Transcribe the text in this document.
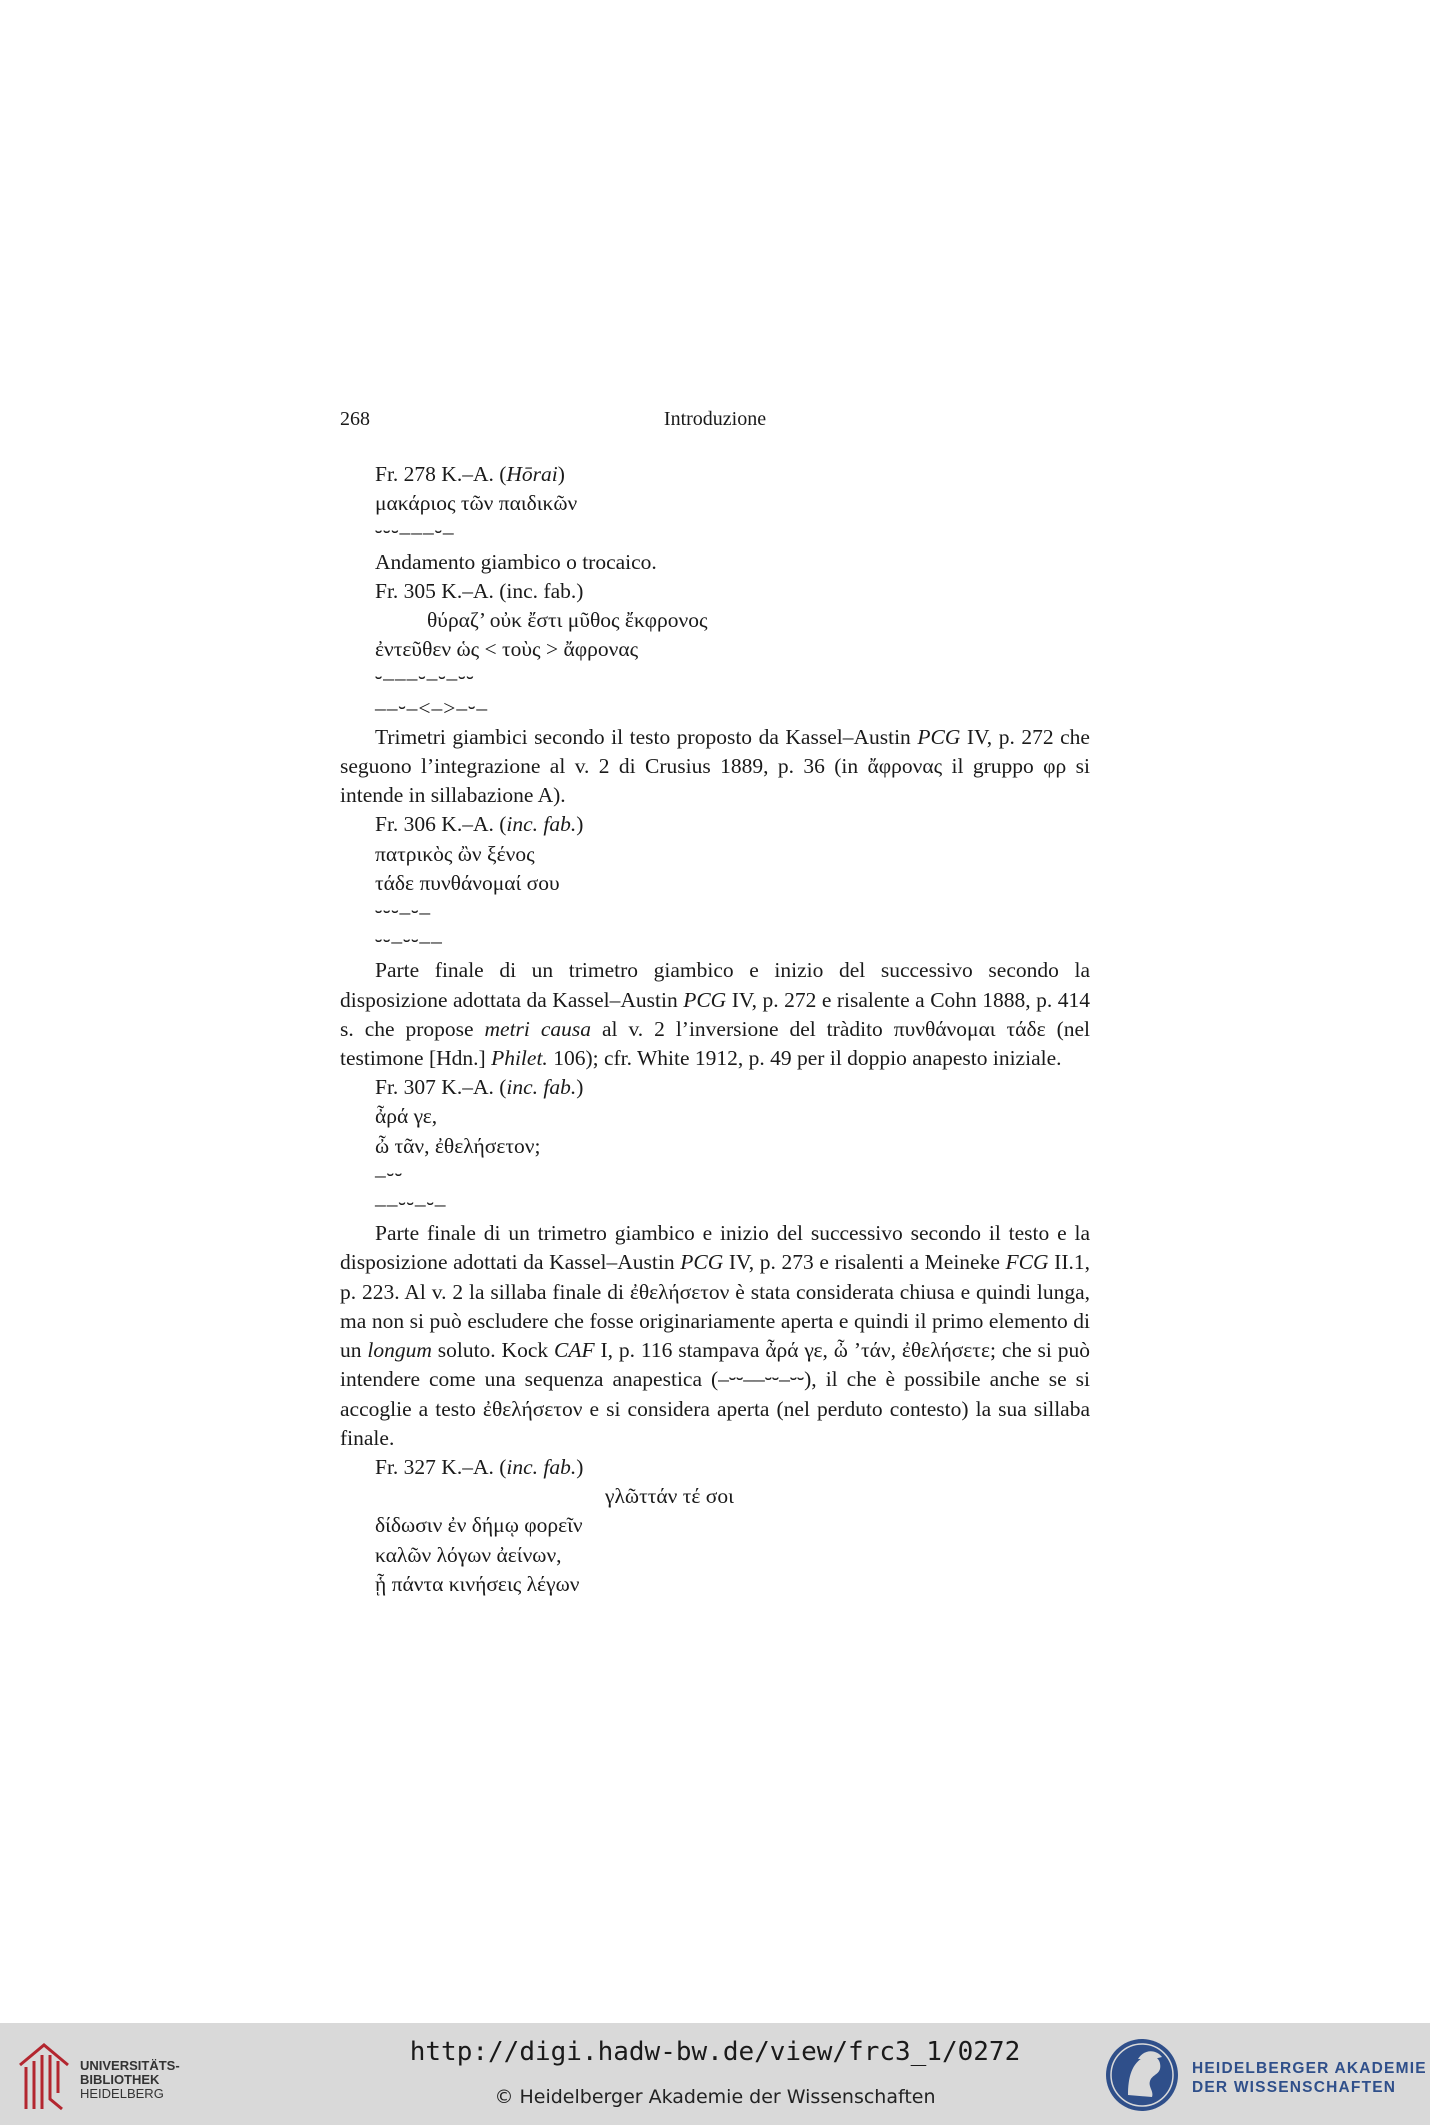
268	Introduzione

Fr. 278 K.–A. (Hōrai)

μακάριος τῶν παιδικῶν

⏑⏑⏑–––⏑–

Andamento giambico o trocaico.

Fr. 305 K.–A. (inc. fab.)

θύραζ’ οὐκ ἔστι μῦθος ἔκφρονος

ἐντεῦθεν ὡς < τοὺς > ἄφρονας

⏑–––⏑–⏑–⏑⏑

––⏑–<–>–⏑–

Trimetri giambici secondo il testo proposto da Kassel–Austin PCG IV, p. 272 che seguono l’integrazione al v. 2 di Crusius 1889, p. 36 (in ἄφρονας il gruppo φρ si intende in sillabazione A).

Fr. 306 K.–A. (inc. fab.)

πατρικὸς ὢν ξένος

τάδε πυνθάνομαί σου

⏑⏑⏑–⏑–

⏑⏑–⏑⏑––

Parte finale di un trimetro giambico e inizio del successivo secondo la disposizione adottata da Kassel–Austin PCG IV, p. 272 e risalente a Cohn 1888, p. 414 s. che propose metri causa al v. 2 l’inversione del tràdito πυνθάνομαι τάδε (nel testimone [Hdn.] Philet. 106); cfr. White 1912, p. 49 per il doppio anapesto iniziale.

Fr. 307 K.–A. (inc. fab.)

ἆρά γε,

ὦ τᾶν, ἐθελήσετον;

–⏑⏑

––⏑⏑–⏑–

Parte finale di un trimetro giambico e inizio del successivo secondo il testo e la disposizione adottati da Kassel–Austin PCG IV, p. 273 e risalenti a Meineke FCG II.1, p. 223. Al v. 2 la sillaba finale di ἐθελήσετον è stata considerata chiusa e quindi lunga, ma non si può escludere che fosse originariamente aperta e quindi il primo elemento di un longum soluto. Kock CAF I, p. 116 stampava ἆρά γε, ὦ ’τάν, ἐθελήσετε; che si può intendere come una sequenza anapestica (–⏑⏑––⏑⏑–⏑⏑), il che è possibile anche se si accoglie a testo ἐθελήσετον e si considera aperta (nel perduto contesto) la sua sillaba finale.

Fr. 327 K.–A. (inc. fab.)

γλῶττάν τέ σοι

δίδωσιν ἐν δήμῳ φορεῖν

καλῶν λόγων ἀείνων,

ᾗ πάντα κινήσεις λέγων

UNIVERSITÄTS-
BIBLIOTHEK
HEIDELBERG
http://digi.hadw-bw.de/view/frc3_1/0272
© Heidelberger Akademie der Wissenschaften
HEIDELBERGER AKADEMIE
DER WISSENSCHAFTEN
